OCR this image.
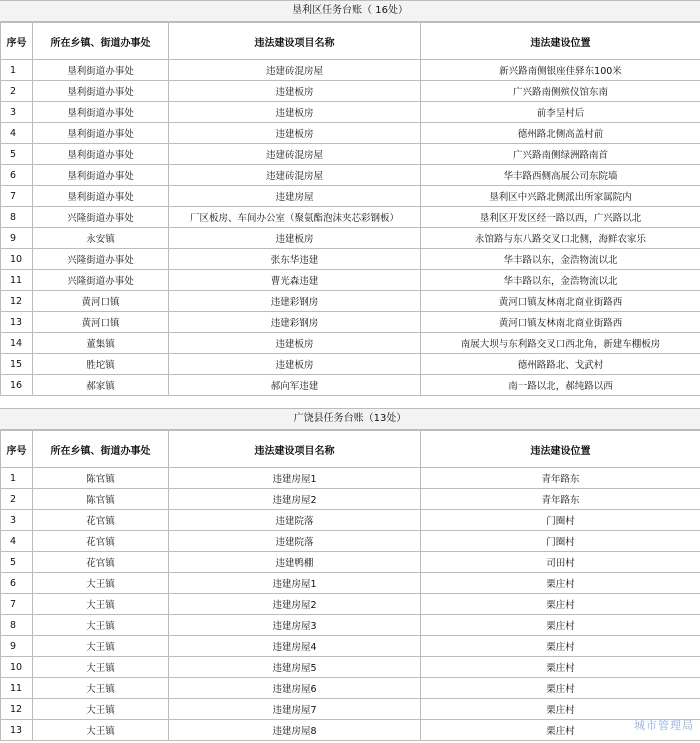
垦利区任务台账（ 16处）
序号	所在乡镇、街道办事处	违法建设项目名称	违法建设位置
1	垦利街道办事处	违建砖混房屋	新兴路南侧银座佳驿东100米
2	垦利街道办事处	违建板房	广兴路南侧殡仪馆东南
3	垦利街道办事处	违建板房	前李呈村后
4	垦利街道办事处	违建板房	德州路北侧高盖村前
5	垦利街道办事处	违建砖混房屋	广兴路南侧绿洲路南首
6	垦利街道办事处	违建砖混房屋	华丰路西侧高展公司东院墙
7	垦利街道办事处	违建房屋	垦利区中兴路北侧派出所家属院内
8	兴隆街道办事处	厂区板房、车间办公室（聚氨酯泡沫夹芯彩钢板）	垦利区开发区经一路以西，广兴路以北
9	永安镇	违建板房	永馆路与东八路交叉口北侧，海鲜农家乐
10	兴隆街道办事处	张东华违建	华丰路以东，金浩物流以北
11	兴隆街道办事处	曹光森违建	华丰路以东，金浩物流以北
12	黄河口镇	违建彩钢房	黄河口镇友林南北商业街路西
13	黄河口镇	违建彩钢房	黄河口镇友林南北商业街路西
14	董集镇	违建板房	南展大坝与东利路交叉口西北角，新建车棚板房
15	胜坨镇	违建板房	德州路路北、戈武村
16	郝家镇	郝向军违建	南一路以北，郝纯路以西
广饶县任务台账（13处）
序号	所在乡镇、街道办事处	违法建设项目名称	违法建设位置
1	陈官镇	违建房屋1	青年路东
2	陈官镇	违建房屋2	青年路东
3	花官镇	违建院落	门圈村
4	花官镇	违建院落	门圈村
5	花官镇	违建鸭棚	司田村
6	大王镇	违建房屋1	栗庄村
7	大王镇	违建房屋2	栗庄村
8	大王镇	违建房屋3	栗庄村
9	大王镇	违建房屋4	栗庄村
10	大王镇	违建房屋5	栗庄村
11	大王镇	违建房屋6	栗庄村
12	大王镇	违建房屋7	栗庄村
13	大王镇	违建房屋8	栗庄村	城市管理局
